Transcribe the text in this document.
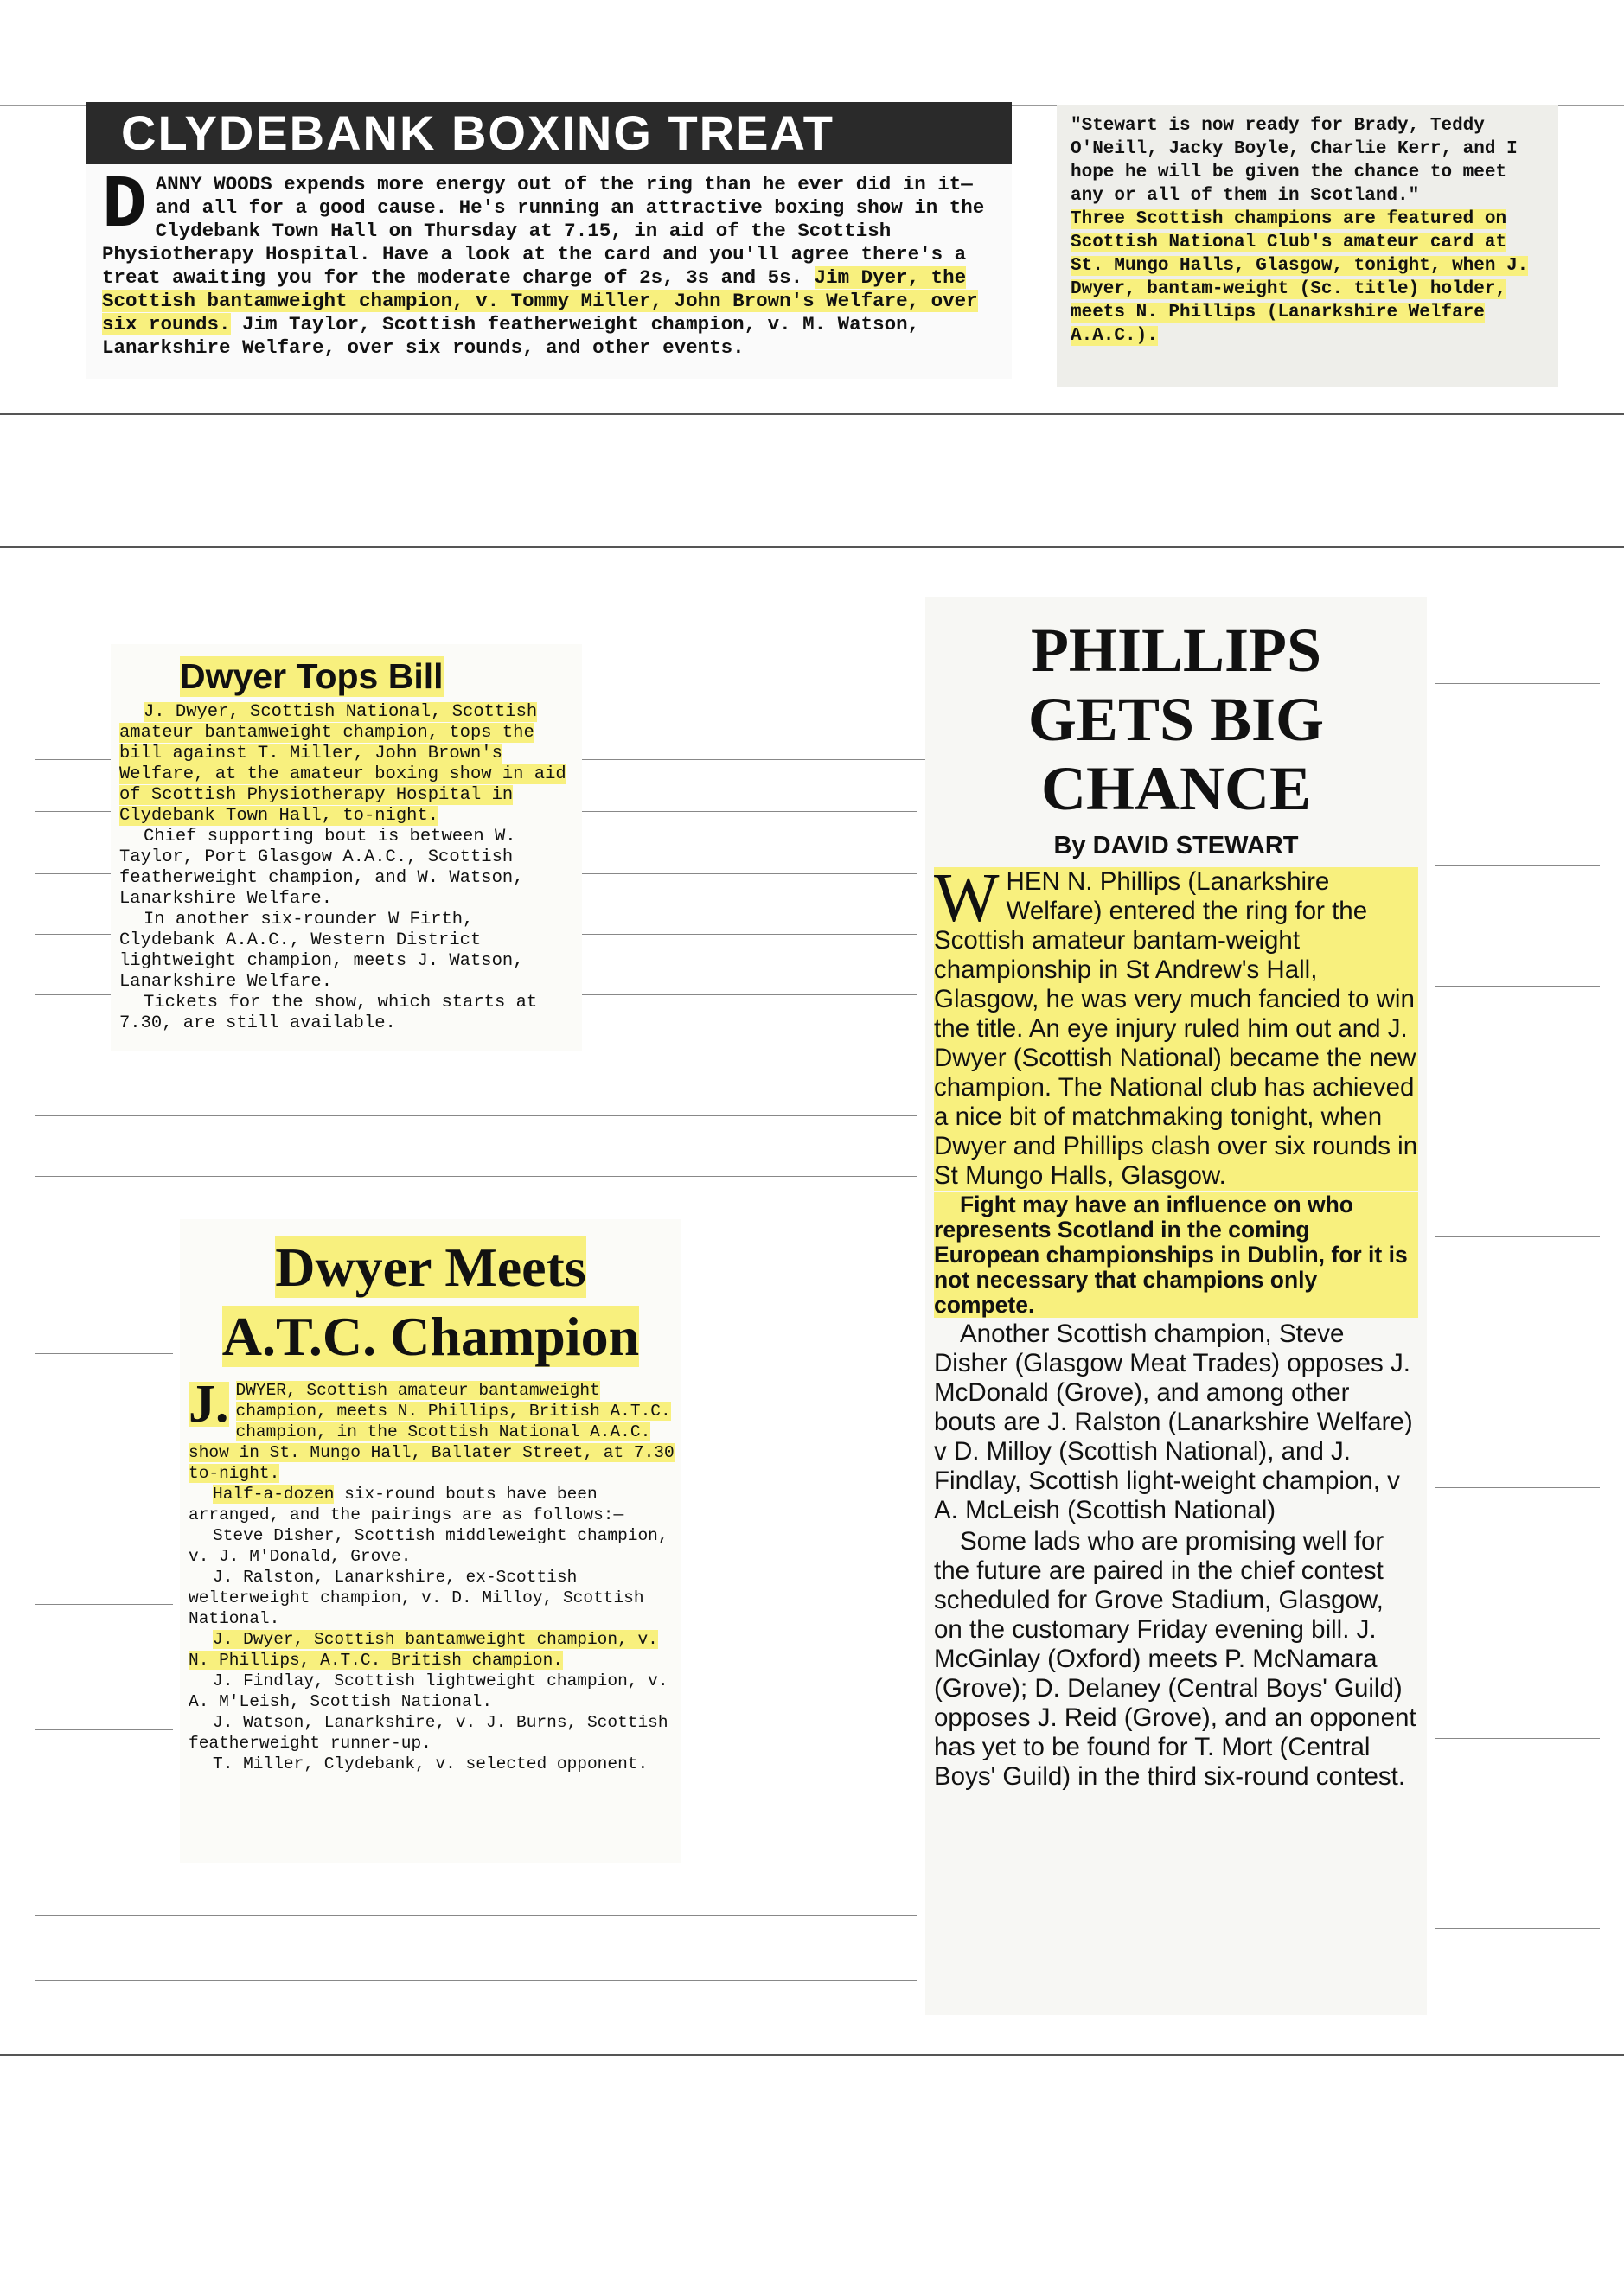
CLYDEBANK BOXING TREAT
D ANNY WOODS expends more energy out of the ring than he ever did in it—and all for a good cause. He's running an attractive boxing show in the Clydebank Town Hall on Thursday at 7.15, in aid of the Scottish Physiotherapy Hospital. Have a look at the card and you'll agree there's a treat awaiting you for the moderate charge of 2s, 3s and 5s. Jim Dyer, the Scottish bantamweight champion, v. Tommy Miller, John Brown's Welfare, over six rounds. Jim Taylor, Scottish featherweight champion, v. M. Watson, Lanarkshire Welfare, over six rounds, and other events.

"Stewart is now ready for Brady, Teddy O'Neill, Jacky Boyle, Charlie Kerr, and I hope he will be given the chance to meet any or all of them in Scotland."

Three Scottish champions are featured on Scottish National Club's amateur card at St. Mungo Halls, Glasgow, tonight, when J. Dwyer, bantam-weight (Sc. title) holder, meets N. Phillips (Lanarkshire Welfare A.A.C.).

Dwyer Tops Bill

J. Dwyer, Scottish National, Scottish amateur bantamweight champion, tops the bill against T. Miller, John Brown's Welfare, at the amateur boxing show in aid of Scottish Physiotherapy Hospital in Clydebank Town Hall, to-night.

Chief supporting bout is between W. Taylor, Port Glasgow A.A.C., Scottish featherweight champion, and W. Watson, Lanarkshire Welfare.

In another six-rounder W Firth, Clydebank A.A.C., Western District lightweight champion, meets J. Watson, Lanarkshire Welfare.

Tickets for the show, which starts at 7.30, are still available.

Dwyer Meets
A.T.C. Champion

J. DWYER, Scottish amateur bantamweight champion, meets N. Phillips, British A.T.C. champion, in the Scottish National A.A.C. show in St. Mungo Hall, Ballater Street, at 7.30 to-night.

Half-a-dozen six-round bouts have been arranged, and the pairings are as follows:—

Steve Disher, Scottish middleweight champion, v. J. M'Donald, Grove.

J. Ralston, Lanarkshire, ex-Scottish welterweight champion, v. D. Milloy, Scottish National.

J. Dwyer, Scottish bantamweight champion, v. N. Phillips, A.T.C. British champion.

J. Findlay, Scottish lightweight champion, v. A. M'Leish, Scottish National.

J. Watson, Lanarkshire, v. J. Burns, Scottish featherweight runner-up.

T. Miller, Clydebank, v. selected opponent.

PHILLIPS
GETS BIG
CHANCE
By DAVID STEWART

WHEN N. Phillips (Lanarkshire Welfare) entered the ring for the Scottish amateur bantam-weight championship in St Andrew's Hall, Glasgow, he was very much fancied to win the title. An eye injury ruled him out and J. Dwyer (Scottish National) became the new champion. The National club has achieved a nice bit of matchmaking tonight, when Dwyer and Phillips clash over six rounds in St Mungo Halls, Glasgow.

Fight may have an influence on who represents Scotland in the coming European championships in Dublin, for it is not necessary that champions only compete.

Another Scottish champion, Steve Disher (Glasgow Meat Trades) opposes J. McDonald (Grove), and among other bouts are J. Ralston (Lanarkshire Welfare) v D. Milloy (Scottish National), and J. Findlay, Scottish light-weight champion, v A. McLeish (Scottish National)

Some lads who are promising well for the future are paired in the chief contest scheduled for Grove Stadium, Glasgow, on the customary Friday evening bill. J. McGinlay (Oxford) meets P. McNamara (Grove); D. Delaney (Central Boys' Guild) opposes J. Reid (Grove), and an opponent has yet to be found for T. Mort (Central Boys' Guild) in the third six-round contest.
